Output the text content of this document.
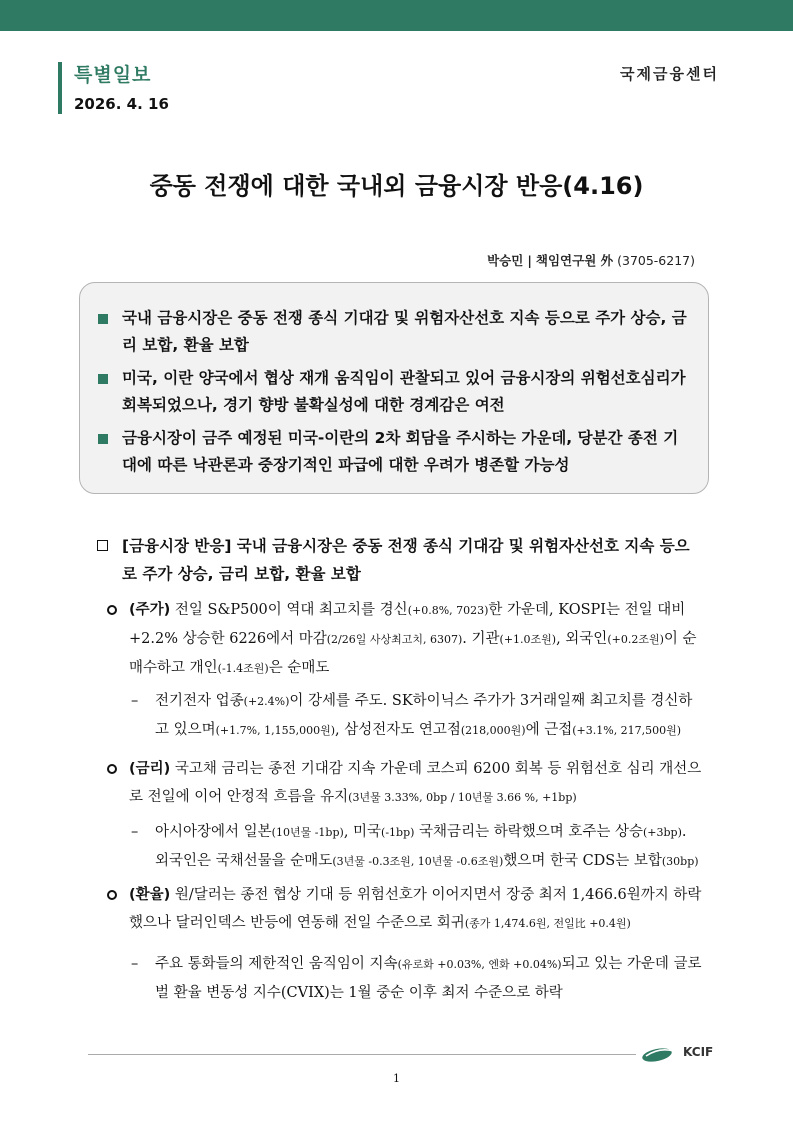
특별일보
2026. 4. 16
국제금융센터
중동 전쟁에 대한 국내외 금융시장 반응(4.16)
박승민 | 책임연구원 外 (3705-6217)
국내 금융시장은 중동 전쟁 종식 기대감 및 위험자산선호 지속 등으로 주가 상승, 금리 보합, 환율 보합
미국, 이란 양국에서 협상 재개 움직임이 관찰되고 있어 금융시장의 위험선호심리가 회복되었으나, 경기 향방 불확실성에 대한 경계감은 여전
금융시장이 금주 예정된 미국-이란의 2차 회담을 주시하는 가운데, 당분간 종전 기대에 따른 낙관론과 중장기적인 파급에 대한 우려가 병존할 가능성
[금융시장 반응] 국내 금융시장은 중동 전쟁 종식 기대감 및 위험자산선호 지속 등으로 주가 상승, 금리 보합, 환율 보합
(주가) 전일 S&P500이 역대 최고치를 경신(+0.8%, 7023)한 가운데, KOSPI는 전일 대비 +2.2% 상승한 6226에서 마감(2/26일 사상최고치, 6307). 기관(+1.0조원), 외국인(+0.2조원)이 순매수하고 개인(-1.4조원)은 순매도
–	전기전자 업종(+2.4%)이 강세를 주도. SK하이닉스 주가가 3거래일째 최고치를 경신하고 있으며(+1.7%, 1,155,000원), 삼성전자도 연고점(218,000원)에 근접(+3.1%, 217,500원)
(금리) 국고채 금리는 종전 기대감 지속 가운데 코스피 6200 회복 등 위험선호 심리 개선으로 전일에 이어 안정적 흐름을 유지(3년물 3.33%, 0bp / 10년물 3.66 %, +1bp)
–	아시아장에서 일본(10년물 -1bp), 미국(-1bp) 국채금리는 하락했으며 호주는 상승(+3bp). 외국인은 국채선물을 순매도(3년물 -0.3조원, 10년물 -0.6조원)했으며 한국 CDS는 보합(30bp)
(환율) 원/달러는 종전 협상 기대 등 위험선호가 이어지면서 장중 최저 1,466.6원까지 하락했으나 달러인덱스 반등에 연동해 전일 수준으로 회귀(종가 1,474.6원, 전일比 +0.4원)
–	주요 통화들의 제한적인 움직임이 지속(유로화 +0.03%, 엔화 +0.04%)되고 있는 가운데 글로벌 환율 변동성 지수(CVIX)는 1월 중순 이후 최저 수준으로 하락
KCIF
1
